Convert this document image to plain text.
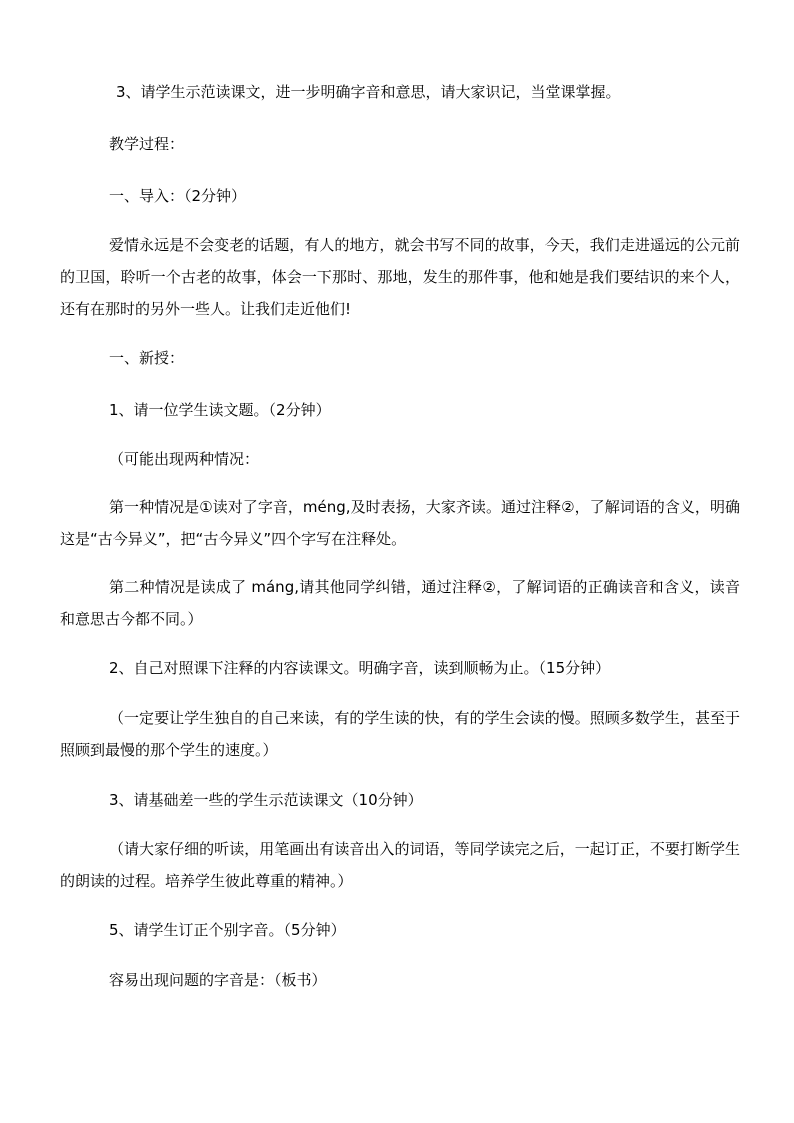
3、请学生示范读课文，进一步明确字音和意思，请大家识记，当堂课掌握。

教学过程：

一、导入：（2分钟）

爱情永远是不会变老的话题，有人的地方，就会书写不同的故事，今天，我们走进遥远的公元前的卫国，聆听一个古老的故事，体会一下那时、那地，发生的那件事，他和她是我们要结识的来个人，还有在那时的另外一些人。让我们走近他们!

一、新授：

1、请一位学生读文题。（2分钟）

（可能出现两种情况：

第一种情况是①读对了字音，méng,及时表扬，大家齐读。通过注释②，了解词语的含义，明确这是“古今异义”，把“古今异义”四个字写在注释处。

第二种情况是读成了 máng,请其他同学纠错，通过注释②，了解词语的正确读音和含义，读音和意思古今都不同。）

2、自己对照课下注释的内容读课文。明确字音，读到顺畅为止。（15分钟）

（一定要让学生独自的自己来读，有的学生读的快，有的学生会读的慢。照顾多数学生，甚至于照顾到最慢的那个学生的速度。）

3、请基础差一些的学生示范读课文（10分钟）

（请大家仔细的听读，用笔画出有读音出入的词语，等同学读完之后，一起订正，不要打断学生的朗读的过程。培养学生彼此尊重的精神。）

5、请学生订正个别字音。（5分钟）

容易出现问题的字音是：（板书）
